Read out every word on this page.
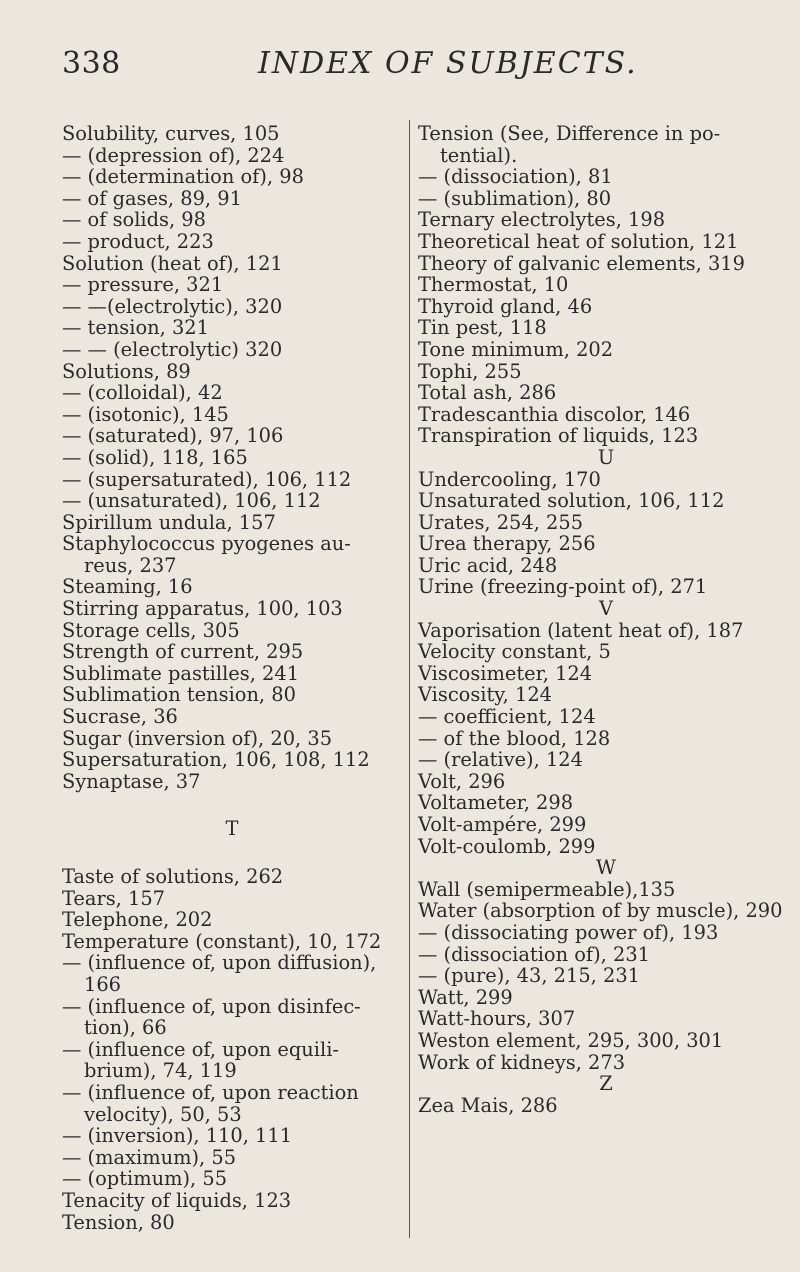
338	INDEX OF SUBJECTS.
Solubility, curves, 105
— (depression of), 224
— (determination of), 98
— of gases, 89, 91
— of solids, 98
— product, 223
Solution (heat of), 121
— pressure, 321
— —(electrolytic), 320
— tension, 321
— — (electrolytic) 320
Solutions, 89
— (colloidal), 42
— (isotonic), 145
— (saturated), 97, 106
— (solid), 118, 165
— (supersaturated), 106, 112
— (unsaturated), 106, 112
Spirillum undula, 157
Staphylococcus pyogenes au- reus, 237
Steaming, 16
Stirring apparatus, 100, 103
Storage cells, 305
Strength of current, 295
Sublimate pastilles, 241
Sublimation tension, 80
Sucrase, 36
Sugar (inversion of), 20, 35
Supersaturation, 106, 108, 112
Synaptase, 37
T
Taste of solutions, 262
Tears, 157
Telephone, 202
Temperature (constant), 10, 172
— (influence of, upon diffusion), 166
— (influence of, upon disinfec- tion), 66
— (influence of, upon equili- brium), 74, 119
— (influence of, upon reaction velocity), 50, 53
— (inversion), 110, 111
— (maximum), 55
— (optimum), 55
Tenacity of liquids, 123
Tension, 80
Tension (See, Difference in po- tential).
— (dissociation), 81
— (sublimation), 80
Ternary electrolytes, 198
Theoretical heat of solution, 121
Theory of galvanic elements, 319
Thermostat, 10
Thyroid gland, 46
Tin pest, 118
Tone minimum, 202
Tophi, 255
Total ash, 286
Tradescanthia discolor, 146
Transpiration of liquids, 123
U
Undercooling, 170
Unsaturated solution, 106, 112
Urates, 254, 255
Urea therapy, 256
Uric acid, 248
Urine (freezing-point of), 271
V
Vaporisation (latent heat of), 187
Velocity constant, 5
Viscosimeter, 124
Viscosity, 124
— coefficient, 124
— of the blood, 128
— (relative), 124
Volt, 296
Voltameter, 298
Volt-ampére, 299
Volt-coulomb, 299
W
Wall (semipermeable),135
Water (absorption of by muscle), 290
— (dissociating power of), 193
— (dissociation of), 231
— (pure), 43, 215, 231
Watt, 299
Watt-hours, 307
Weston element, 295, 300, 301
Work of kidneys, 273
Z
Zea Mais, 286
